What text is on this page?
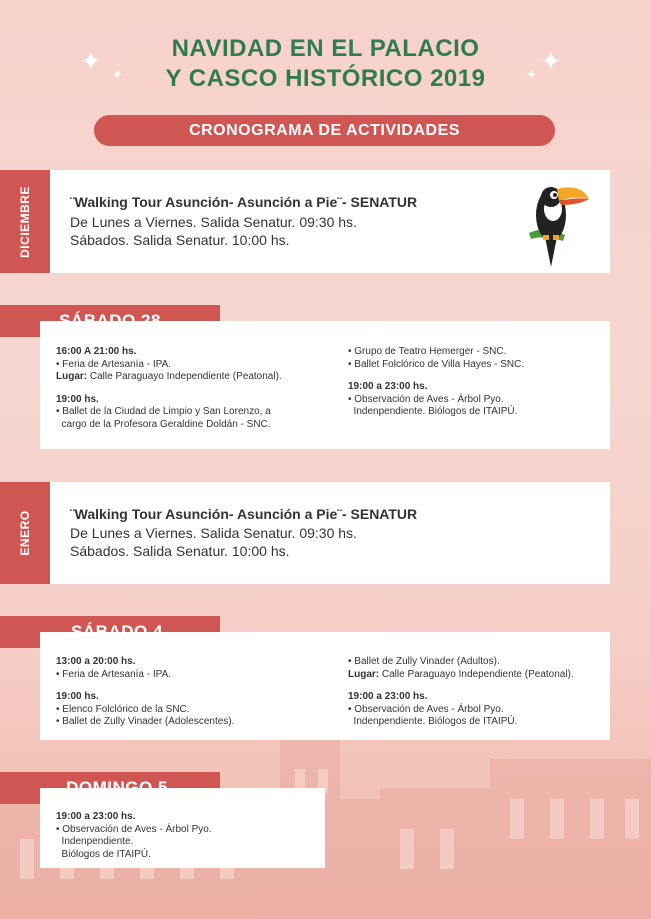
✦ ✦	✦
✦
NAVIDAD EN EL PALACIO
Y CASCO HISTÓRICO 2019
CRONOGRAMA DE ACTIVIDADES
DICIEMBRE	¨Walking Tour Asunción- Asunción a Pie¨- SENATUR
De Lunes a Viernes. Salida Senatur. 09:30 hs.
Sábados. Salida Senatur. 10:00 hs.
16:00 A 21:00 hs.
• Feria de Artesanía - IPA.
Lugar: Calle Paraguayo Independiente (Peatonal).
19:00 hs.
• Ballet de la Ciudad de Limpio y San Lorenzo, a
cargo de la Profesora Geraldine Doldán - SNC.
• Grupo de Teatro Hemerger - SNC.
• Ballet Folclórico de Villa Hayes - SNC.
19:00 a 23:00 hs.
• Observación de Aves - Árbol Pyo.
Indenpendiente. Biólogos de ITAIPÚ.
ENERO	¨Walking Tour Asunción- Asunción a Pie¨- SENATUR
De Lunes a Viernes. Salida Senatur. 09:30 hs.
Sábados. Salida Senatur. 10:00 hs.
13:00 a 20:00 hs.
• Feria de Artesanía - IPA.
19:00 hs.
• Elenco Folclórico de la SNC.
• Ballet de Zully Vinader (Adolescentes).
• Ballet de Zully Vinader (Adultos).
Lugar: Calle Paraguayo Independiente (Peatonal).
19:00 a 23:00 hs.
• Observación de Aves - Árbol Pyo.
Indenpendiente. Biólogos de ITAIPÚ.
19:00 a 23:00 hs.
• Observación de Aves - Árbol Pyo.
Indenpendiente.
Biólogos de ITAIPÚ.
